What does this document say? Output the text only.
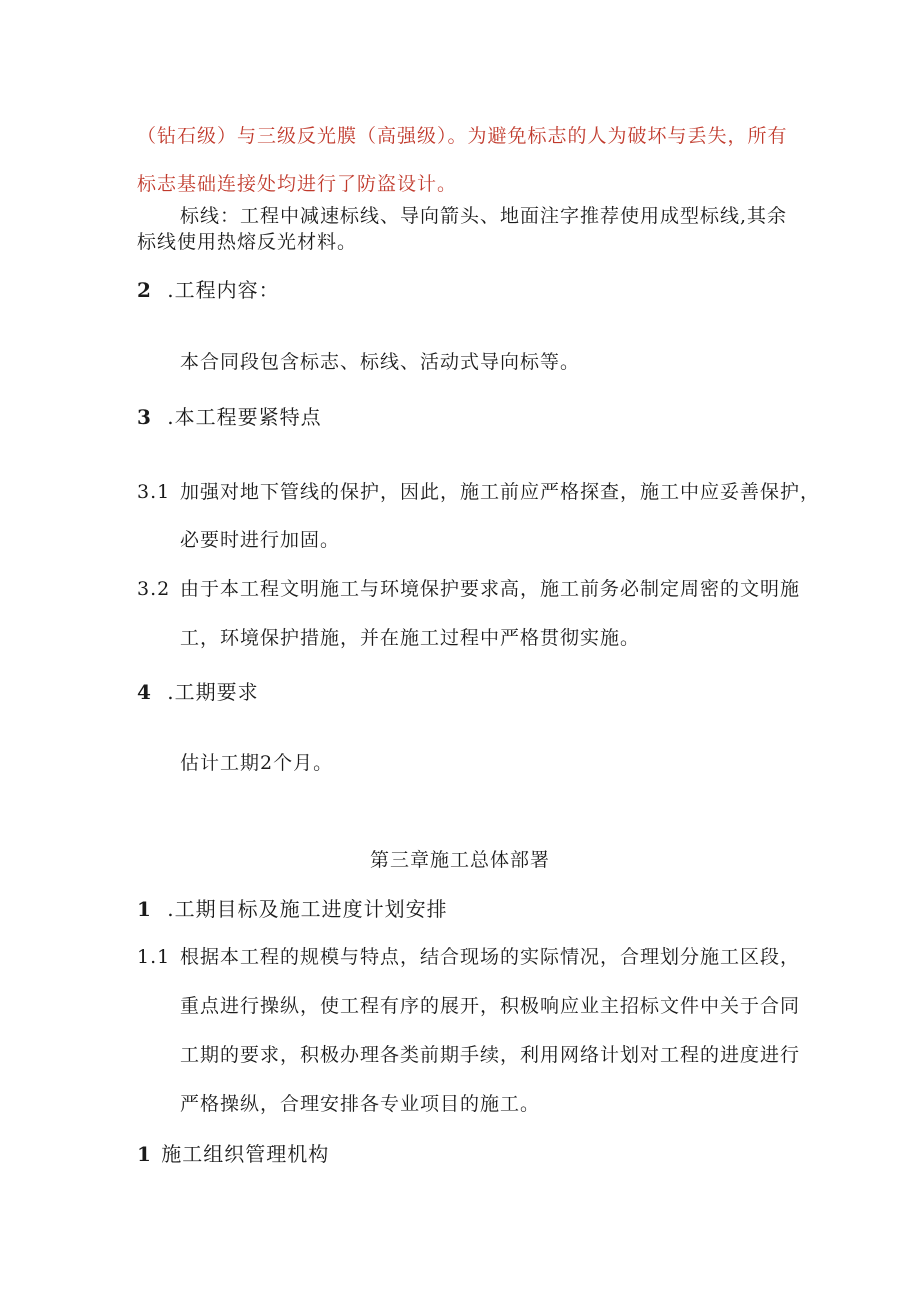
（钻石级）与三级反光膜（高强级）。为避免标志的人为破坏与丢失，所有
标志基础连接处均进行了防盗设计。
标线：工程中减速标线、导向箭头、地面注字推荐使用成型标线,其余
标线使用热熔反光材料。
2 .工程内容：
本合同段包含标志、标线、活动式导向标等。
3 .本工程要紧特点
3.1 加强对地下管线的保护，因此，施工前应严格探查，施工中应妥善保护，
必要时进行加固。
3.2 由于本工程文明施工与环境保护要求高，施工前务必制定周密的文明施
工，环境保护措施，并在施工过程中严格贯彻实施。
4 .工期要求
估计工期2个月。
第三章施工总体部署
1 .工期目标及施工进度计划安排
1.1 根据本工程的规模与特点，结合现场的实际情况，合理划分施工区段，
重点进行操纵，使工程有序的展开，积极响应业主招标文件中关于合同
工期的要求，积极办理各类前期手续，利用网络计划对工程的进度进行
严格操纵，合理安排各专业项目的施工。
1 施工组织管理机构
